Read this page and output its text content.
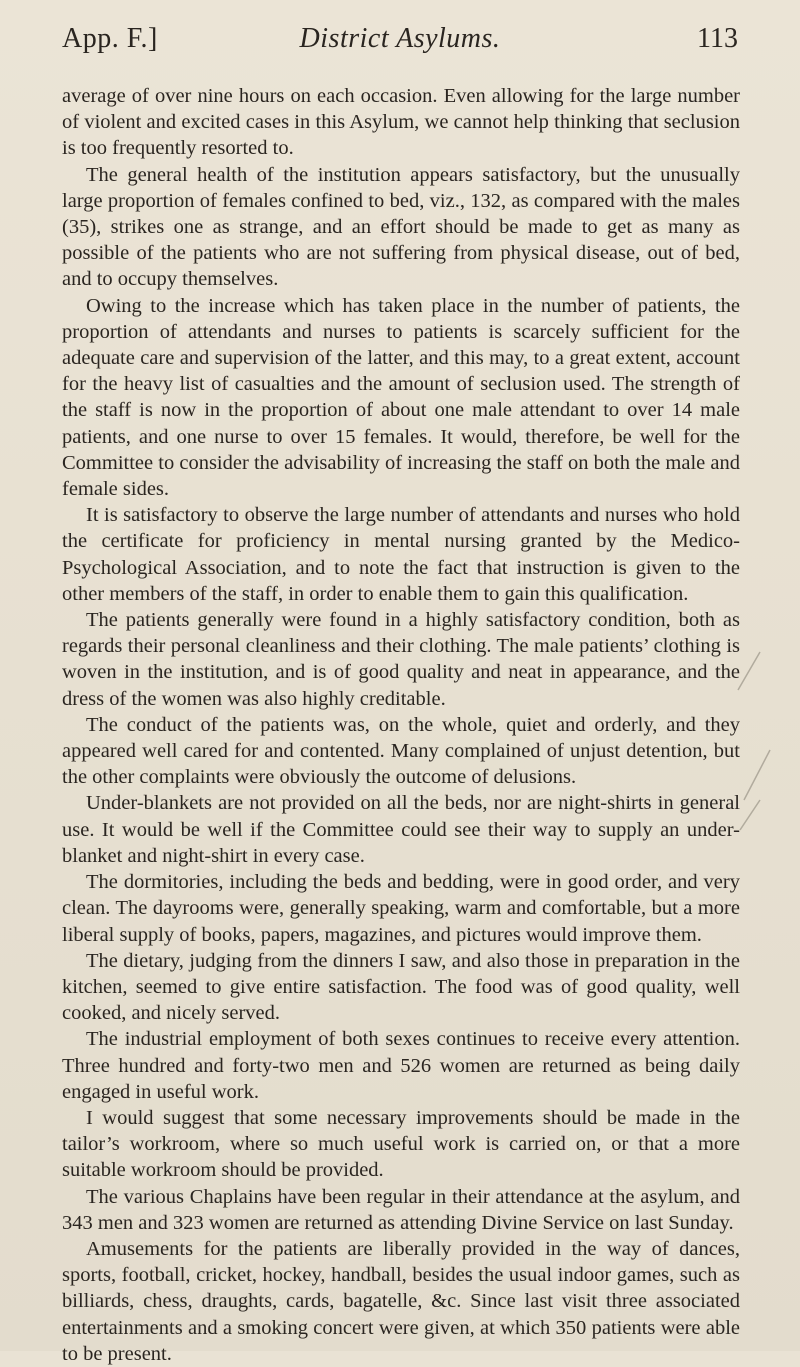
App. F.]	District Asylums.	113

average of over nine hours on each occasion. Even allowing for the large number of violent and excited cases in this Asylum, we cannot help thinking that seclusion is too frequently resorted to.

The general health of the institution appears satisfactory, but the unusually large proportion of females confined to bed, viz., 132, as compared with the males (35), strikes one as strange, and an effort should be made to get as many as possible of the patients who are not suffering from physical disease, out of bed, and to occupy themselves.

Owing to the increase which has taken place in the number of patients, the proportion of attendants and nurses to patients is scarcely sufficient for the adequate care and supervision of the latter, and this may, to a great extent, account for the heavy list of casualties and the amount of seclusion used. The strength of the staff is now in the proportion of about one male attendant to over 14 male patients, and one nurse to over 15 females. It would, therefore, be well for the Committee to consider the advisability of increasing the staff on both the male and female sides.

It is satisfactory to observe the large number of attendants and nurses who hold the certificate for proficiency in mental nursing granted by the Medico-Psychological Association, and to note the fact that instruction is given to the other members of the staff, in order to enable them to gain this qualification.

The patients generally were found in a highly satisfactory condition, both as regards their personal cleanliness and their clothing. The male patients’ clothing is woven in the institution, and is of good quality and neat in appearance, and the dress of the women was also highly creditable.

The conduct of the patients was, on the whole, quiet and orderly, and they appeared well cared for and contented. Many complained of unjust detention, but the other complaints were obviously the outcome of delusions.

Under-blankets are not provided on all the beds, nor are night-shirts in general use. It would be well if the Committee could see their way to supply an under-blanket and night-shirt in every case.

The dormitories, including the beds and bedding, were in good order, and very clean. The dayrooms were, generally speaking, warm and comfortable, but a more liberal supply of books, papers, magazines, and pictures would improve them.

The dietary, judging from the dinners I saw, and also those in preparation in the kitchen, seemed to give entire satisfaction. The food was of good quality, well cooked, and nicely served.

The industrial employment of both sexes continues to receive every attention. Three hundred and forty-two men and 526 women are returned as being daily engaged in useful work.

I would suggest that some necessary improvements should be made in the tailor’s workroom, where so much useful work is carried on, or that a more suitable workroom should be provided.

The various Chaplains have been regular in their attendance at the asylum, and 343 men and 323 women are returned as attending Divine Service on last Sunday.

Amusements for the patients are liberally provided in the way of dances, sports, football, cricket, hockey, handball, besides the usual indoor games, such as billiards, chess, draughts, cards, bagatelle, &c. Since last visit three associated entertainments and a smoking concert were given, at which 350 patients were able to be present.
